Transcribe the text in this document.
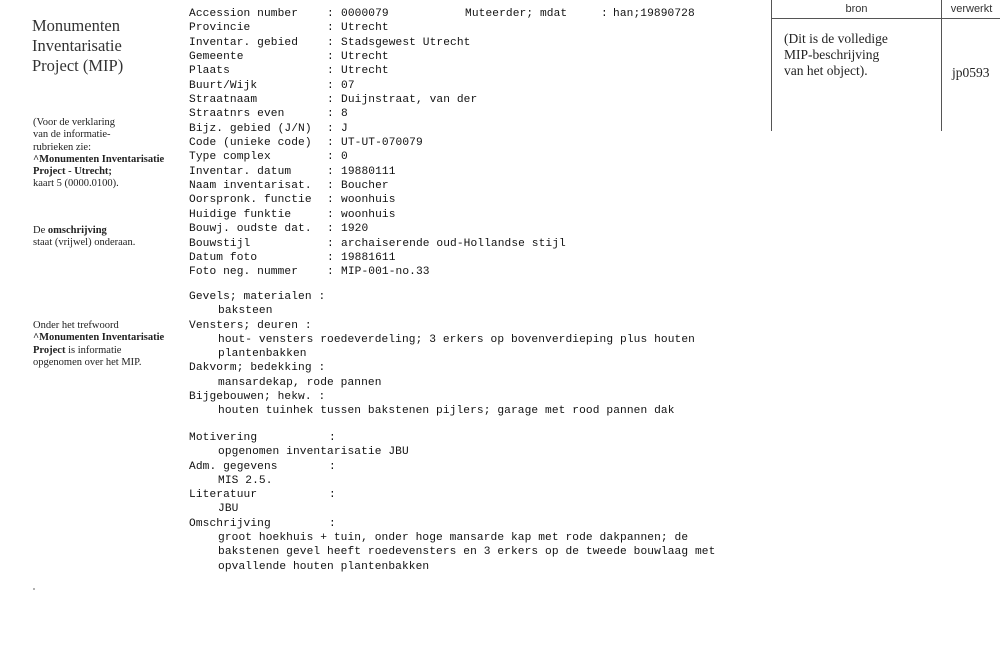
Monumenten
Inventarisatie
Project (MIP)
(Voor de verklaring
van de informatie-
rubrieken zie:
^Monumenten Inventarisatie
Project - Utrecht;
kaart 5 (0000.0100).
De omschrijving
staat (vrijwel) onderaan.
Onder het trefwoord
^Monumenten Inventarisatie
Project is informatie
opgenomen over het MIP.
Accession number	: 0000079	Muteerder; mdat	: han;19890728
Provincie	: Utrecht
Inventar. gebied	: Stadsgewest Utrecht
Gemeente	: Utrecht
Plaats	: Utrecht
Buurt/Wijk	: 07
Straatnaam	: Duijnstraat, van der
Straatnrs even	: 8
Bijz. gebied (J/N) : J
Code (unieke code) : UT-UT-070079
Type complex	: 0
Inventar. datum	: 19880111
Naam inventarisat. : Boucher
Oorspronk. functie : woonhuis
Huidige funktie	: woonhuis
Bouwj. oudste dat. : 1920
Bouwstijl	: archaiserende oud-Hollandse stijl
Datum foto	: 19881611
Foto neg. nummer	: MIP-001-no.33
Gevels; materialen :
baksteen
Vensters; deuren :
hout- vensters roedeverdeling; 3 erkers op bovenverdieping plus houten
plantenbakken
Dakvorm; bedekking :
mansardekap, rode pannen
Bijgebouwen; hekw. :
houten tuinhek tussen bakstenen pijlers; garage met rood pannen dak
Motivering	:
opgenomen inventarisatie JBU
Adm. gegevens	:
MIS 2.5.
Literatuur	:
JBU
Omschrijving	:
groot hoekhuis + tuin, onder hoge mansarde kap met rode dakpannen; de
bakstenen gevel heeft roedevensters en 3 erkers op de tweede bouwlaag met
opvallende houten plantenbakken
bron	verwerkt
(Dit is de volledige
MIP-beschrijving
van het object).	jp0593
